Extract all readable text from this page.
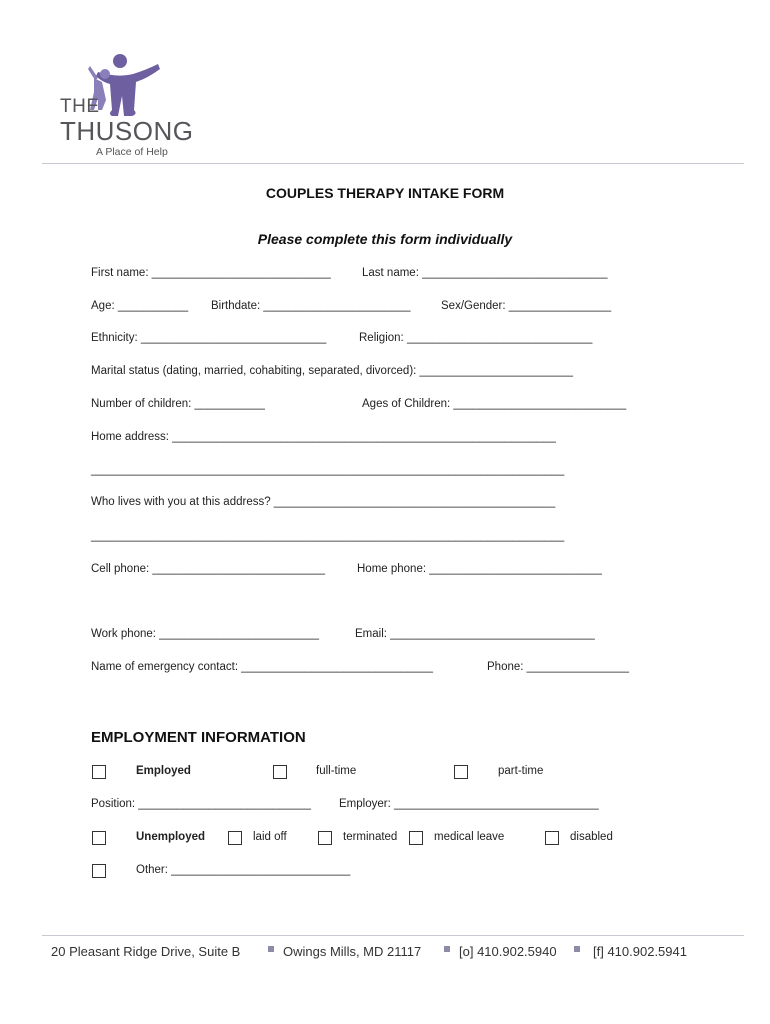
THE
THUSONG
A Place of Help
COUPLES THERAPY INTAKE FORM
Please complete this form individually
First name: ____________________________	Last name: _____________________________
Age: ___________ Birthdate: _______________________	Sex/Gender: ________________
Ethnicity: _____________________________	Religion: _____________________________
Marital status (dating, married, cohabiting, separated, divorced): ________________________
Number of children: ___________	Ages of Children: ___________________________
Home address: ____________________________________________________________
__________________________________________________________________________
Who lives with you at this address? ____________________________________________
__________________________________________________________________________
Cell phone: ___________________________	Home phone: ___________________________
Work phone: _________________________	Email: ________________________________
Name of emergency contact: ______________________________	Phone: ________________
EMPLOYMENT INFORMATION
Employed	full-time	part-time
Position: ___________________________ Employer: ________________________________
Unemployed	laid off	terminated	medical leave	disabled
Other: ____________________________
20 Pleasant Ridge Drive, Suite B	Owings Mills, MD 21117	[o] 410.902.5940	[f] 410.902.5941
